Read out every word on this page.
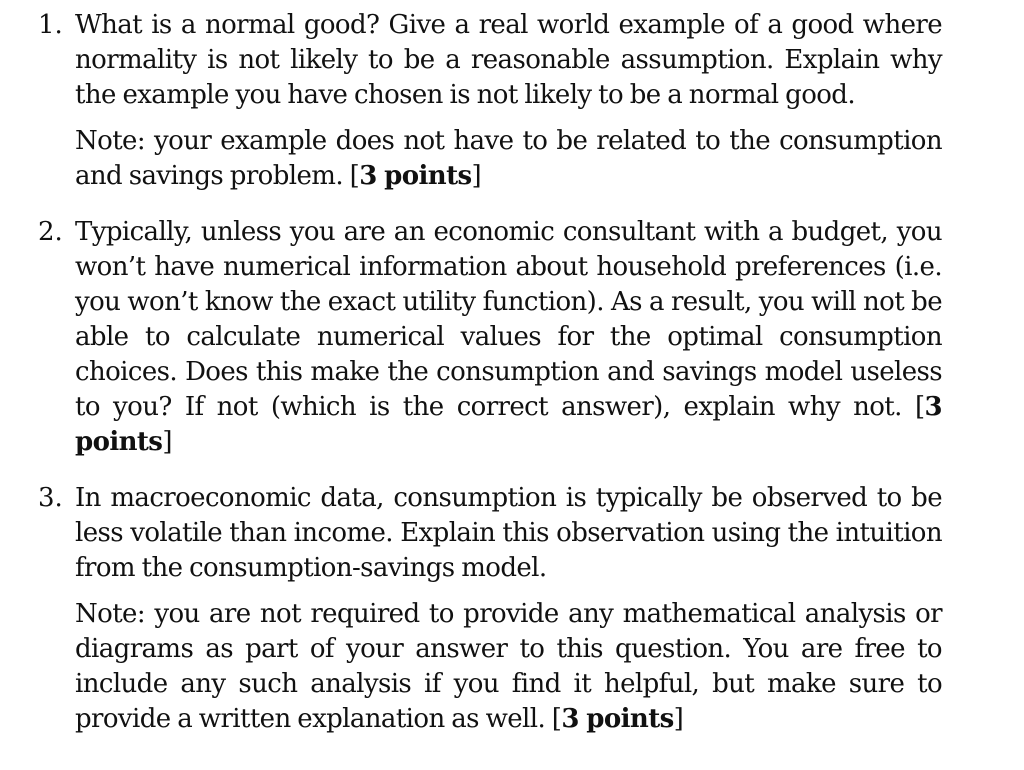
1. What is a normal good? Give a real world example of a good where normality is not likely to be a reasonable assumption. Explain why the example you have chosen is not likely to be a normal good.

Note: your example does not have to be related to the consumption and savings problem. [3 points]

2. Typically, unless you are an economic consultant with a budget, you won’t have numerical information about household preferences (i.e. you won’t know the exact utility function). As a result, you will not be able to calculate numerical values for the optimal consumption choices. Does this make the consumption and savings model useless to you? If not (which is the correct answer), explain why not. [3 points]

3. In macroeconomic data, consumption is typically be observed to be less volatile than income. Explain this observation using the intuition from the consumption-savings model.

Note: you are not required to provide any mathematical analysis or diagrams as part of your answer to this question. You are free to include any such analysis if you find it helpful, but make sure to provide a written explanation as well. [3 points]
